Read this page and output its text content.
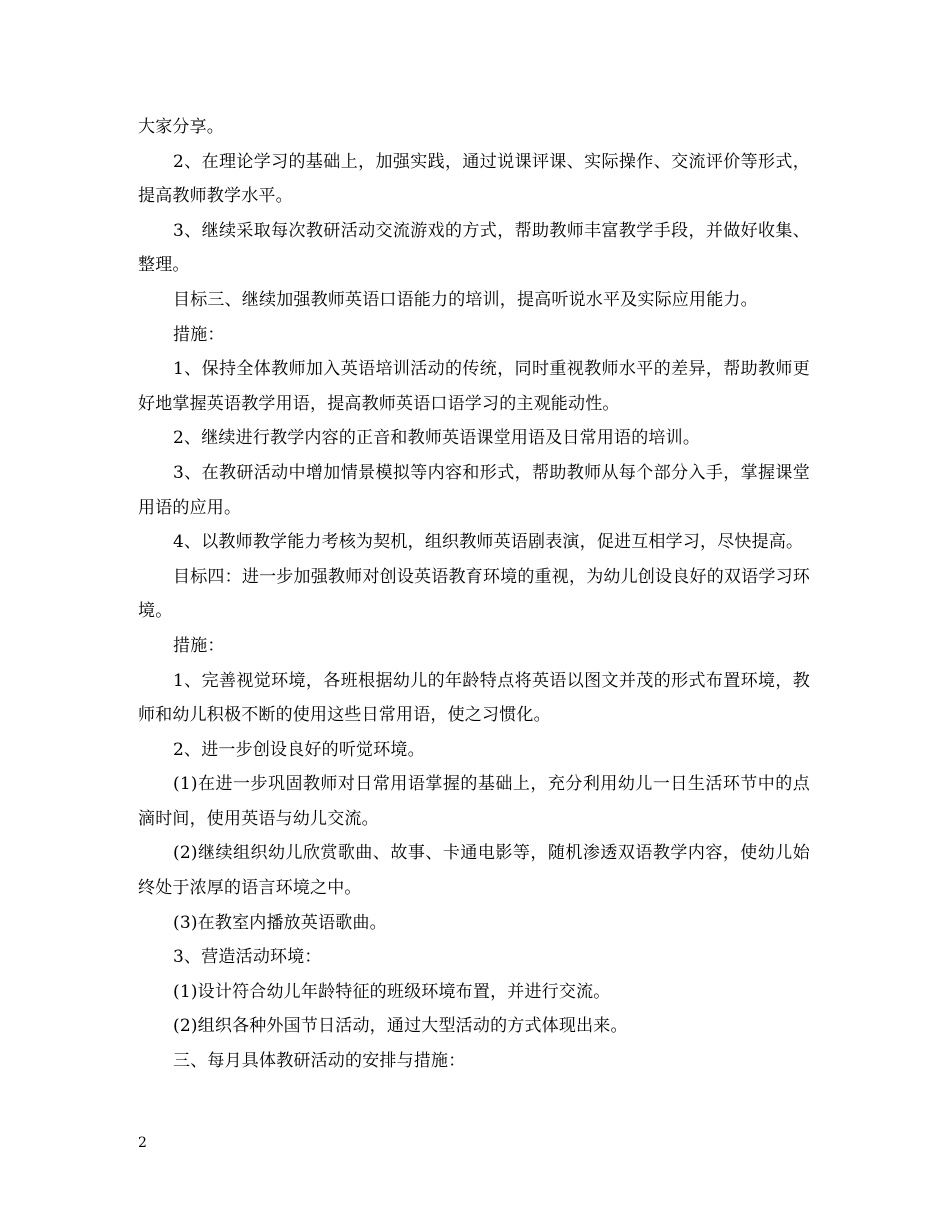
大家分享。

2、在理论学习的基础上，加强实践，通过说课评课、实际操作、交流评价等形式，提高教师教学水平。

3、继续采取每次教研活动交流游戏的方式，帮助教师丰富教学手段，并做好收集、整理。

目标三、继续加强教师英语口语能力的培训，提高听说水平及实际应用能力。

措施：

1、保持全体教师加入英语培训活动的传统，同时重视教师水平的差异，帮助教师更好地掌握英语教学用语，提高教师英语口语学习的主观能动性。

2、继续进行教学内容的正音和教师英语课堂用语及日常用语的培训。

3、在教研活动中增加情景模拟等内容和形式，帮助教师从每个部分入手，掌握课堂用语的应用。

4、以教师教学能力考核为契机，组织教师英语剧表演，促进互相学习，尽快提高。

目标四：进一步加强教师对创设英语教育环境的重视，为幼儿创设良好的双语学习环境。

措施：

1、完善视觉环境，各班根据幼儿的年龄特点将英语以图文并茂的形式布置环境，教师和幼儿积极不断的使用这些日常用语，使之习惯化。

2、进一步创设良好的听觉环境。

(1)在进一步巩固教师对日常用语掌握的基础上，充分利用幼儿一日生活环节中的点滴时间，使用英语与幼儿交流。

(2)继续组织幼儿欣赏歌曲、故事、卡通电影等，随机渗透双语教学内容，使幼儿始终处于浓厚的语言环境之中。

(3)在教室内播放英语歌曲。

3、营造活动环境：

(1)设计符合幼儿年龄特征的班级环境布置，并进行交流。

(2)组织各种外国节日活动，通过大型活动的方式体现出来。

三、每月具体教研活动的安排与措施：

2
